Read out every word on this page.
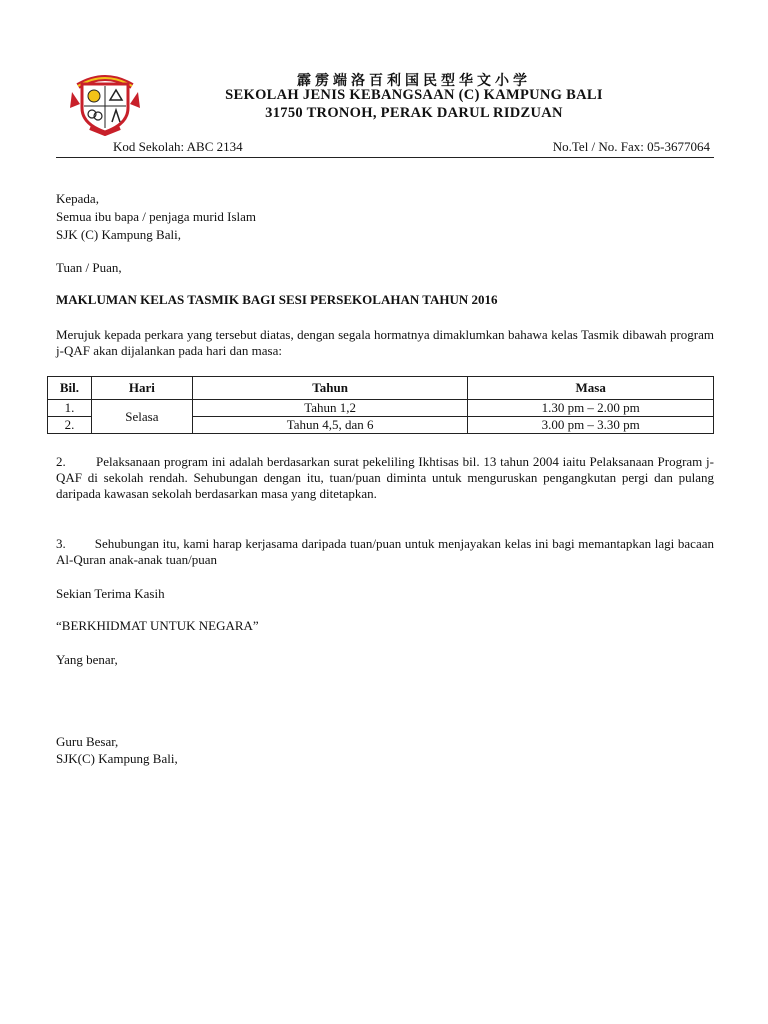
霹雳端洛百利国民型华文小学
SEKOLAH JENIS KEBANGSAAN (C) KAMPUNG BALI
31750 TRONOH, PERAK DARUL RIDZUAN
Kod Sekolah: ABC 2134	No.Tel / No. Fax: 05-3677064
Kepada,
Semua ibu bapa / penjaga murid Islam
SJK (C) Kampung Bali,
Tuan / Puan,
MAKLUMAN KELAS TASMIK BAGI SESI PERSEKOLAHAN TAHUN 2016
Merujuk kepada perkara yang tersebut diatas, dengan segala hormatnya dimaklumkan bahawa kelas Tasmik dibawah program j-QAF akan dijalankan pada hari dan masa:
Bil.	Hari	Tahun	Masa
1.	Selasa	Tahun 1,2	1.30 pm – 2.00 pm
2.		Tahun 4,5, dan 6	3.00 pm – 3.30 pm
2.        Pelaksanaan program ini adalah berdasarkan surat pekeliling Ikhtisas bil. 13 tahun 2004 iaitu Pelaksanaan Program j-QAF di sekolah rendah. Sehubungan dengan itu, tuan/puan diminta untuk menguruskan pengangkutan pergi dan pulang daripada kawasan sekolah berdasarkan masa yang ditetapkan.
3.        Sehubungan itu, kami harap kerjasama daripada tuan/puan untuk menjayakan kelas ini bagi memantapkan lagi bacaan Al-Quran anak-anak tuan/puan
Sekian Terima Kasih
“BERKHIDMAT UNTUK NEGARA”
Yang benar,
Guru Besar,
SJK(C) Kampung Bali,
